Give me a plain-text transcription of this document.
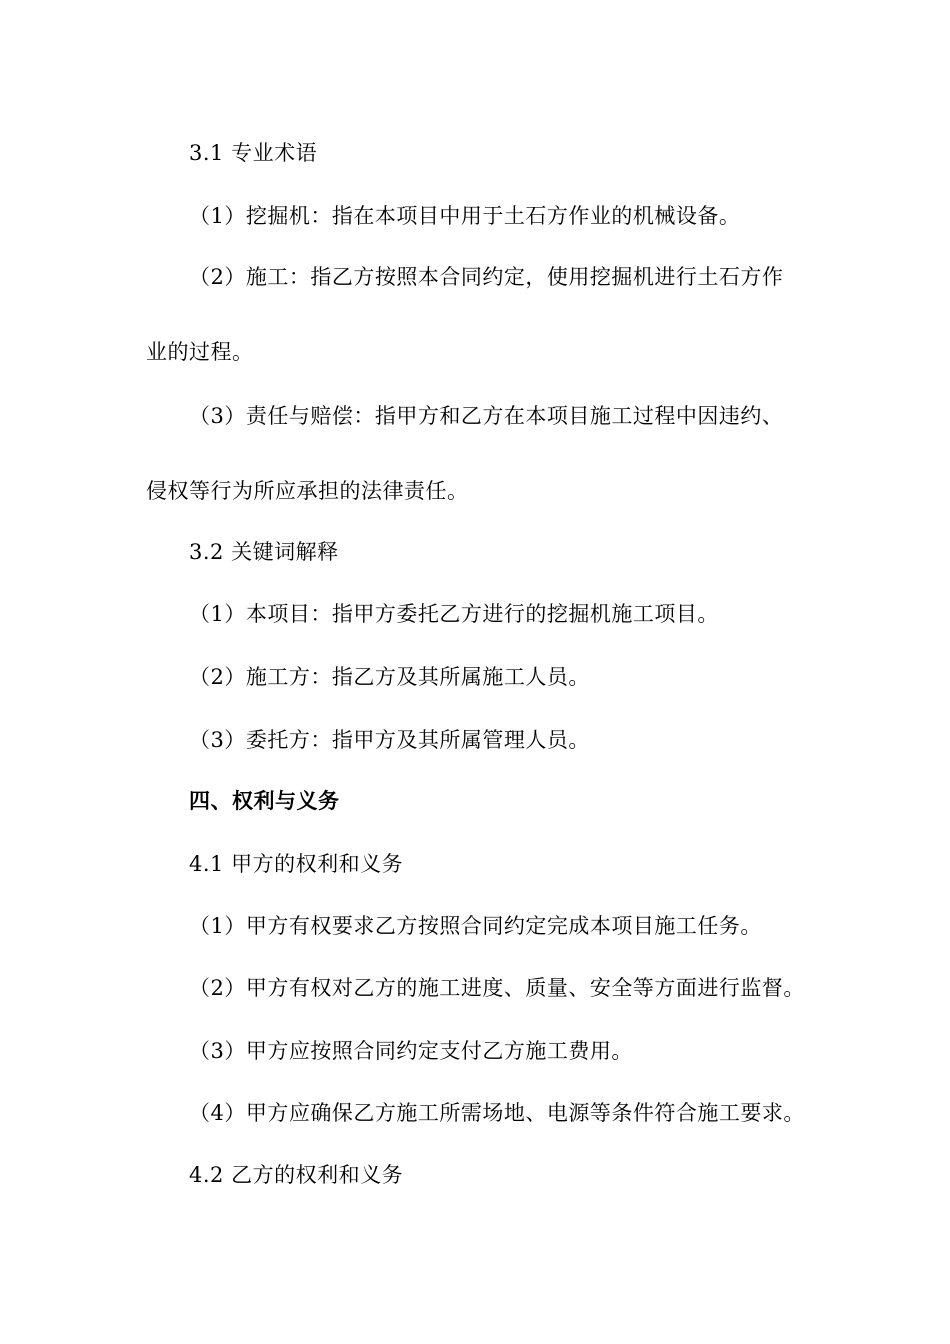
3.1 专业术语
（1）挖掘机：指在本项目中用于土石方作业的机械设备。
（2）施工：指乙方按照本合同约定，使用挖掘机进行土石方作
业的过程。
（3）责任与赔偿：指甲方和乙方在本项目施工过程中因违约、
侵权等行为所应承担的法律责任。
3.2 关键词解释
（1）本项目：指甲方委托乙方进行的挖掘机施工项目。
（2）施工方：指乙方及其所属施工人员。
（3）委托方：指甲方及其所属管理人员。
四、权利与义务
4.1 甲方的权利和义务
（1）甲方有权要求乙方按照合同约定完成本项目施工任务。
（2）甲方有权对乙方的施工进度、质量、安全等方面进行监督。
（3）甲方应按照合同约定支付乙方施工费用。
（4）甲方应确保乙方施工所需场地、电源等条件符合施工要求。
4.2 乙方的权利和义务
